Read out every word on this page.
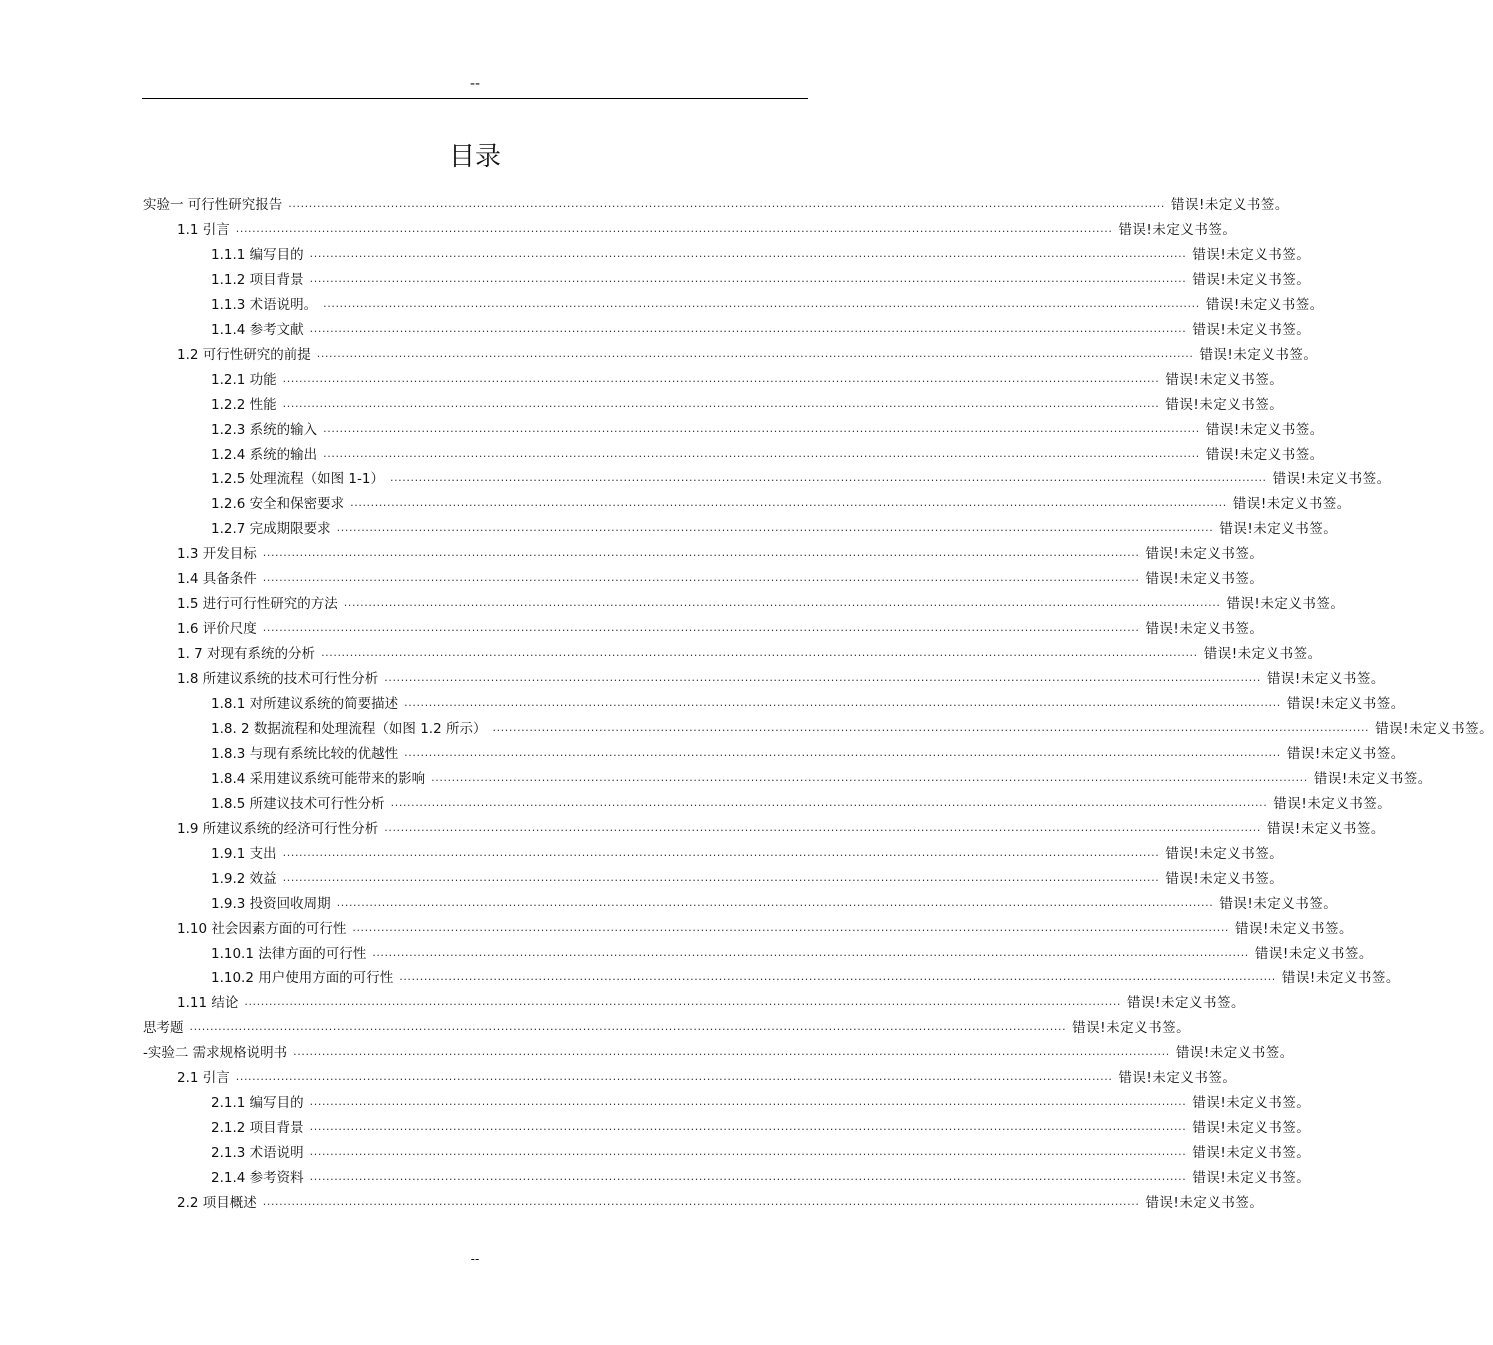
--
目录
实验一 可行性研究报告 ...................................................................................................................................................................................................................... 错误!未定义书签。
1.1 引言 ...................................................................................................................................................................................................................... 错误!未定义书签。
1.1.1 编写目的 ...................................................................................................................................................................................................................... 错误!未定义书签。
1.1.2 项目背景 ...................................................................................................................................................................................................................... 错误!未定义书签。
1.1.3 术语说明。 ...................................................................................................................................................................................................................... 错误!未定义书签。
1.1.4 参考文献 ...................................................................................................................................................................................................................... 错误!未定义书签。
1.2 可行性研究的前提 ...................................................................................................................................................................................................................... 错误!未定义书签。
1.2.1 功能 ...................................................................................................................................................................................................................... 错误!未定义书签。
1.2.2 性能 ...................................................................................................................................................................................................................... 错误!未定义书签。
1.2.3 系统的输入 ...................................................................................................................................................................................................................... 错误!未定义书签。
1.2.4 系统的输出 ...................................................................................................................................................................................................................... 错误!未定义书签。
1.2.5 处理流程（如图 1-1） ...................................................................................................................................................................................................................... 错误!未定义书签。
1.2.6 安全和保密要求 ...................................................................................................................................................................................................................... 错误!未定义书签。
1.2.7 完成期限要求 ...................................................................................................................................................................................................................... 错误!未定义书签。
1.3 开发目标 ...................................................................................................................................................................................................................... 错误!未定义书签。
1.4 具备条件 ...................................................................................................................................................................................................................... 错误!未定义书签。
1.5 进行可行性研究的方法 ...................................................................................................................................................................................................................... 错误!未定义书签。
1.6 评价尺度 ...................................................................................................................................................................................................................... 错误!未定义书签。
1. 7 对现有系统的分析 ...................................................................................................................................................................................................................... 错误!未定义书签。
1.8 所建议系统的技术可行性分析 ...................................................................................................................................................................................................................... 错误!未定义书签。
1.8.1 对所建议系统的简要描述 ...................................................................................................................................................................................................................... 错误!未定义书签。
1.8. 2 数据流程和处理流程（如图 1.2 所示） ...................................................................................................................................................................................................................... 错误!未定义书签。
1.8.3 与现有系统比较的优越性 ...................................................................................................................................................................................................................... 错误!未定义书签。
1.8.4 采用建议系统可能带来的影响 ...................................................................................................................................................................................................................... 错误!未定义书签。
1.8.5 所建议技术可行性分析 ...................................................................................................................................................................................................................... 错误!未定义书签。
1.9 所建议系统的经济可行性分析 ...................................................................................................................................................................................................................... 错误!未定义书签。
1.9.1 支出 ...................................................................................................................................................................................................................... 错误!未定义书签。
1.9.2 效益 ...................................................................................................................................................................................................................... 错误!未定义书签。
1.9.3 投资回收周期 ...................................................................................................................................................................................................................... 错误!未定义书签。
1.10 社会因素方面的可行性 ...................................................................................................................................................................................................................... 错误!未定义书签。
1.10.1 法律方面的可行性 ...................................................................................................................................................................................................................... 错误!未定义书签。
1.10.2 用户使用方面的可行性 ...................................................................................................................................................................................................................... 错误!未定义书签。
1.11 结论 ...................................................................................................................................................................................................................... 错误!未定义书签。
思考题 ...................................................................................................................................................................................................................... 错误!未定义书签。
-实验二 需求规格说明书 ...................................................................................................................................................................................................................... 错误!未定义书签。
2.1 引言 ...................................................................................................................................................................................................................... 错误!未定义书签。
2.1.1 编写目的 ...................................................................................................................................................................................................................... 错误!未定义书签。
2.1.2 项目背景 ...................................................................................................................................................................................................................... 错误!未定义书签。
2.1.3 术语说明 ...................................................................................................................................................................................................................... 错误!未定义书签。
2.1.4 参考资料 ...................................................................................................................................................................................................................... 错误!未定义书签。
2.2 项目概述 ...................................................................................................................................................................................................................... 错误!未定义书签。
--
